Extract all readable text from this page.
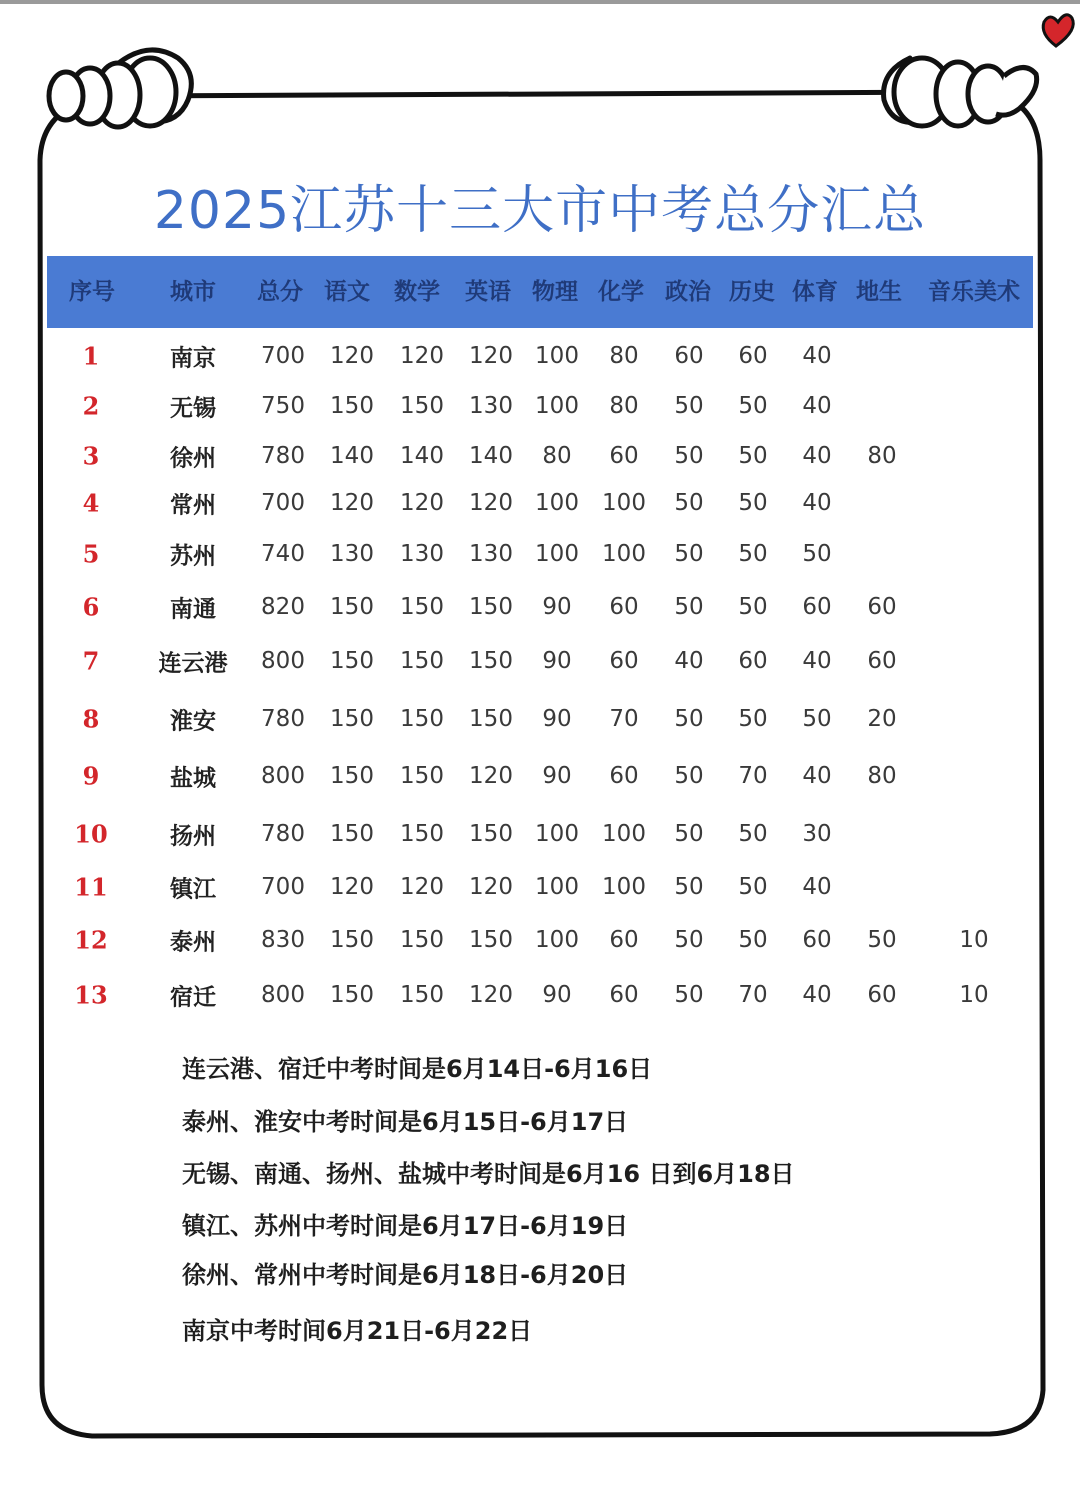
2025江苏十三大市中考总分汇总
序号 城市 总分 语文 数学 英语 物理 化学 政治 历史 体育 地生 音乐美术
1	南京 700 120 120 120 100 80 60 60 40
2	无锡 750 150 150 130 100 80 50 50 40
3	徐州 780 140 140 140 80 60 50 50 40 80
4	常州 700 120 120 120 100 100 50 50 40
5	苏州 740 130 130 130 100 100 50 50 50
6	南通 820 150 150 150 90 60 50 50 60 60
7	连云港 800 150 150 150 90 60 40 60 40 60
8	淮安 780 150 150 150 90 70 50 50 50 20
9	盐城 800 150 150 120 90 60 50 70 40 80
10	扬州 780 150 150 150 100 100 50 50 30
11	镇江 700 120 120 120 100 100 50 50 40
12	泰州 830 150 150 150 100 60 50 50 60 50	10
13	宿迁 800 150 150 120 90 60 50 70 40 60	10
连云港、宿迁中考时间是6月14日-6月16日
泰州、淮安中考时间是6月15日-6月17日
无锡、南通、扬州、盐城中考时间是6月16 日到6月18日
镇江、苏州中考时间是6月17日-6月19日
徐州、常州中考时间是6月18日-6月20日
南京中考时间6月21日-6月22日
